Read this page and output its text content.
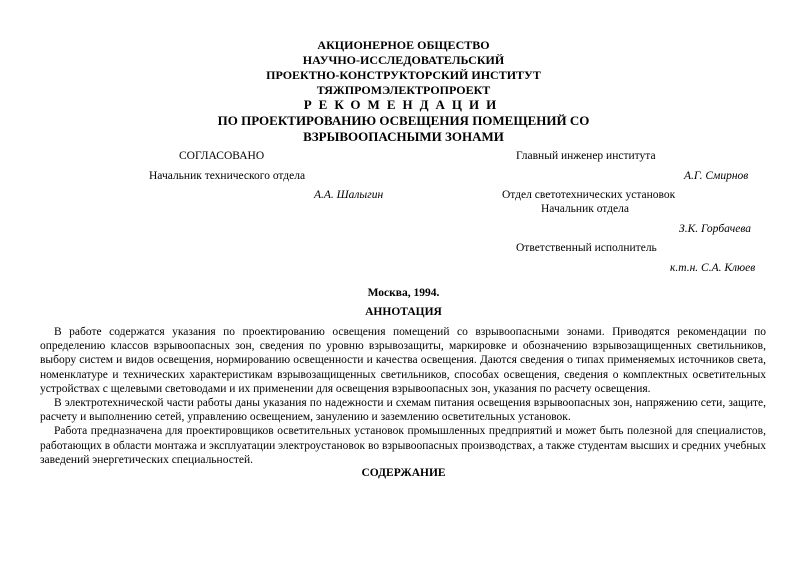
АКЦИОНЕРНОЕ ОБЩЕСТВО
НАУЧНО-ИССЛЕДОВАТЕЛЬСКИЙ
ПРОЕКТНО-КОНСТРУКТОРСКИЙ ИНСТИТУТ
ТЯЖПРОМЭЛЕКТРОПРОЕКТ
РЕКОМЕНДАЦИИ
ПО ПРОЕКТИРОВАНИЮ ОСВЕЩЕНИЯ ПОМЕЩЕНИЙ СО
ВЗРЫВООПАСНЫМИ ЗОНАМИ
СОГЛАСОВАНО	Главный инженер института
Начальник технического отдела	А.Г. Смирнов
А.А. Шалыгин	Отдел светотехнических установок
Начальник отдела
З.К. Горбачева
Ответственный исполнитель
к.т.н. С.А. Клюев
Москва, 1994.
АННОТАЦИЯ

В работе содержатся указания по проектированию освещения помещений со взрывоопасными зонами. Приводятся рекомендации по определению классов взрывоопасных зон, сведения по уровню взрывозащиты, маркировке и обозначению взрывозащищенных светильников, выбору систем и видов освещения, нормированию освещенности и качества освещения. Даются сведения о типах применяемых источников света, номенклатуре и технических характеристикам взрывозащищенных светильников, способах освещения, сведения о комплектных осветительных устройствах с щелевыми световодами и их применении для освещения взрывоопасных зон, указания по расчету освещения.

В электротехнической части работы даны указания по надежности и схемам питания освещения взрывоопасных зон, напряжению сети, защите, расчету и выполнению сетей, управлению освещением, занулению и заземлению осветительных установок.

Работа предназначена для проектировщиков осветительных установок промышленных предприятий и может быть полезной для специалистов, работающих в области монтажа и эксплуатации электроустановок во взрывоопасных производствах, а также студентам высших и средних учебных заведений энергетических специальностей.

СОДЕРЖАНИЕ
